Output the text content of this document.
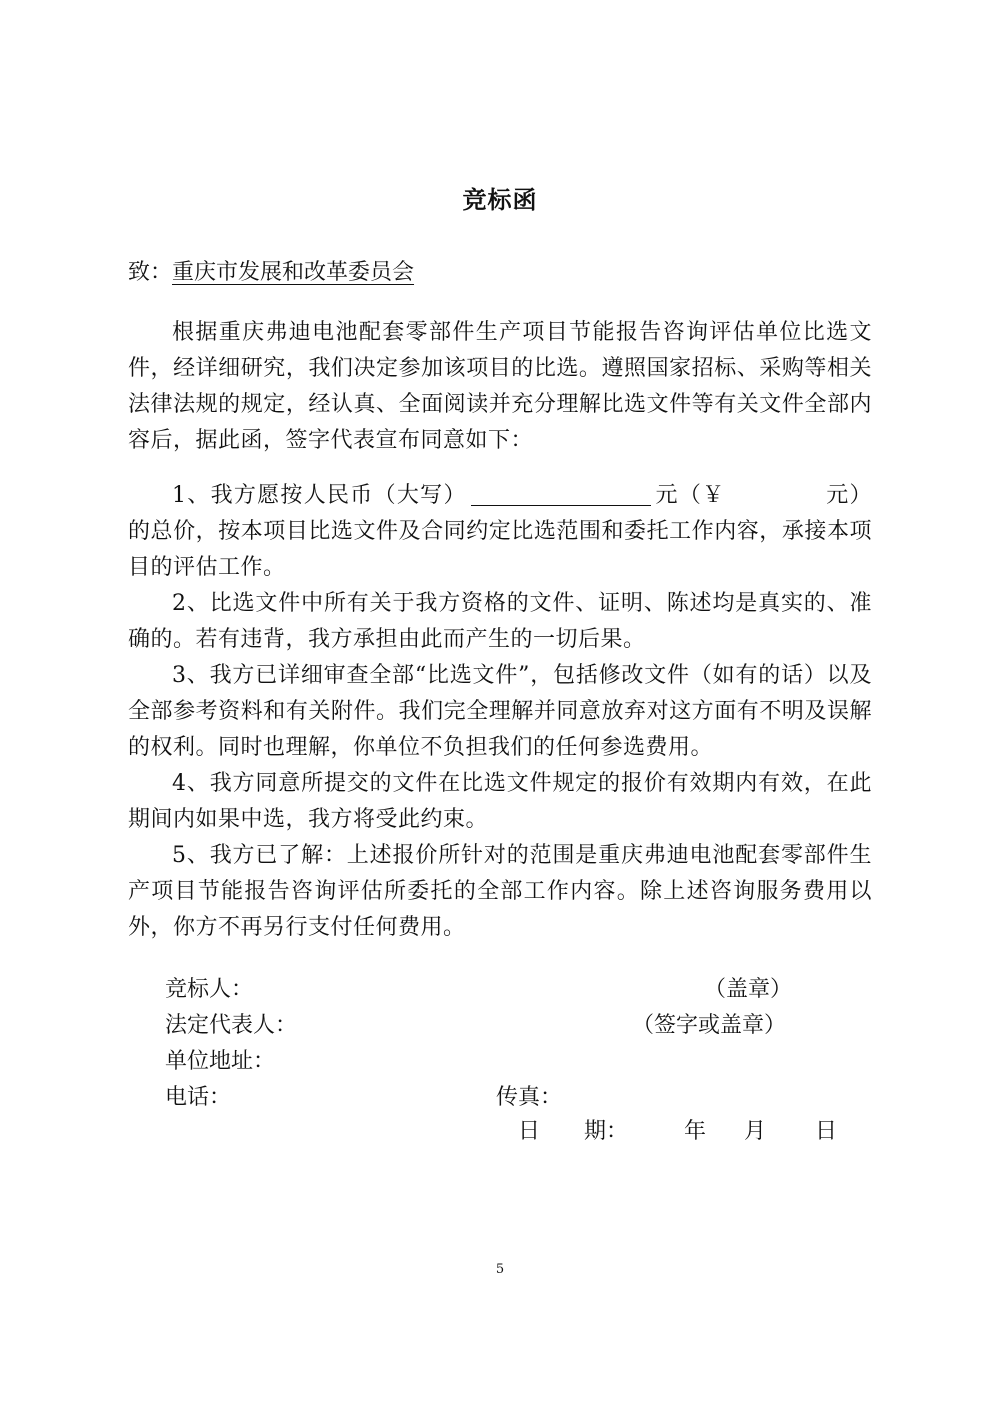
竞标函
致：重庆市发展和改革委员会

根据重庆弗迪电池配套零部件生产项目节能报告咨询评估单位比选文件，经详细研究，我们决定参加该项目的比选。遵照国家招标、采购等相关法律法规的规定，经认真、全面阅读并充分理解比选文件等有关文件全部内容后，据此函，签字代表宣布同意如下：

1、我方愿按人民币（大写）	元（￥	元）的总价，按本项目比选文件及合同约定比选范围和委托工作内容，承接本项目的评估工作。

2、比选文件中所有关于我方资格的文件、证明、陈述均是真实的、准确的。若有违背，我方承担由此而产生的一切后果。

3、我方已详细审查全部“比选文件”，包括修改文件（如有的话）以及全部参考资料和有关附件。我们完全理解并同意放弃对这方面有不明及误解的权利。同时也理解，你单位不负担我们的任何参选费用。

4、我方同意所提交的文件在比选文件规定的报价有效期内有效，在此期间内如果中选，我方将受此约束。

5、我方已了解：上述报价所针对的范围是重庆弗迪电池配套零部件生产项目节能报告咨询评估所委托的全部工作内容。除上述咨询服务费用以外，你方不再另行支付任何费用。

竞标人：	（盖章）
法定代表人：	（签字或盖章）
单位地址：
电话：	传真：
日　　期：	年 月 日
5
